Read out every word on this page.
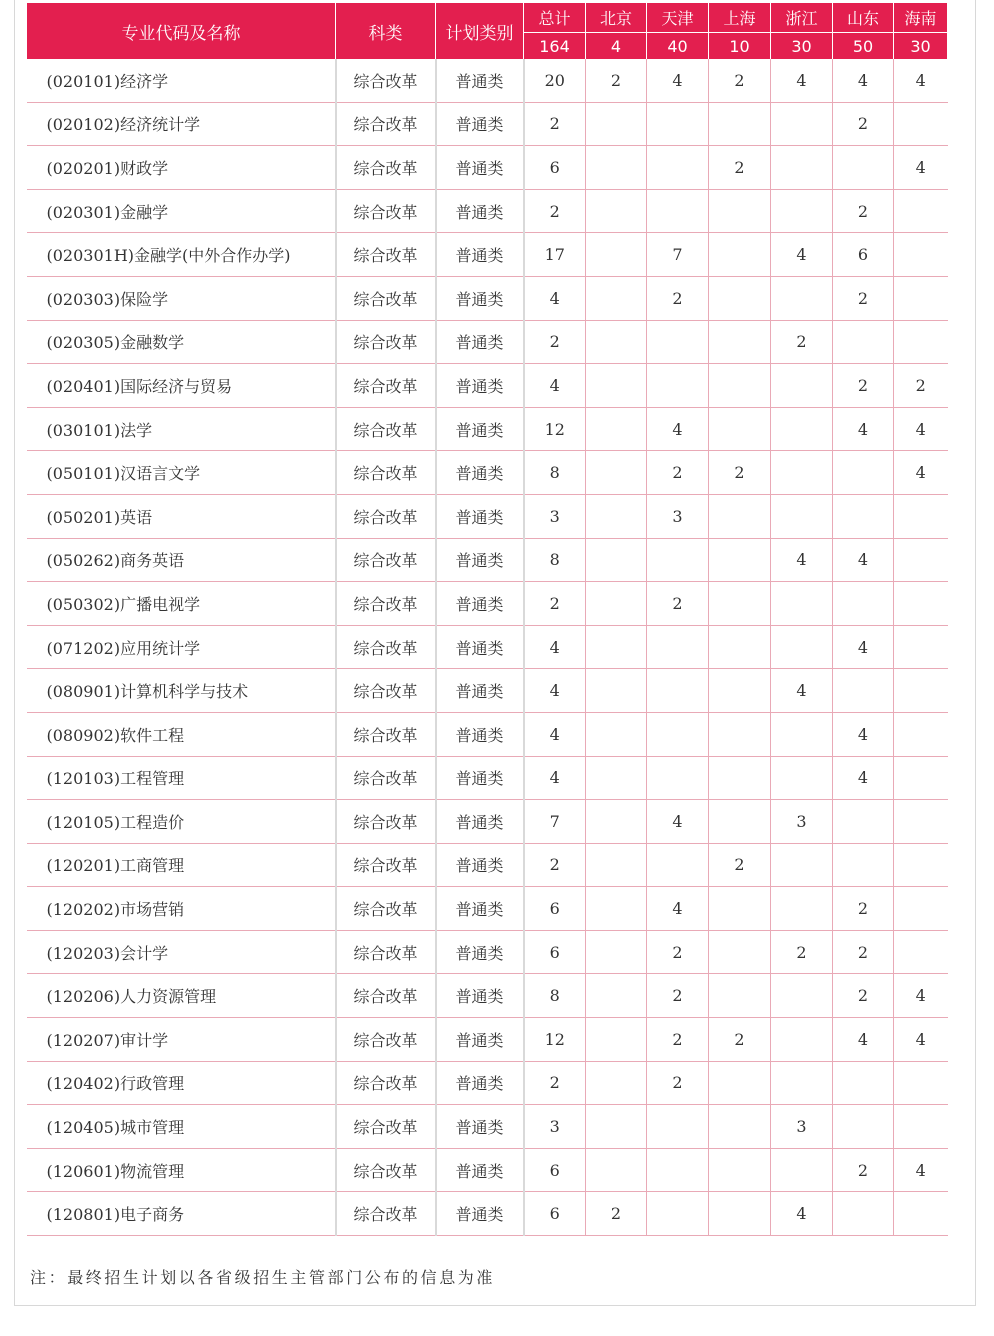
专业代码及名称	科类	计划类别	总计	北京	天津	上海	浙江	山东	海南
			164	4	40	10	30	50	30
(020101)经济学	综合改革	普通类	20	2	4	2	4	4	4
(020102)经济统计学	综合改革	普通类	2					2	
(020201)财政学	综合改革	普通类	6			2			4
(020301)金融学	综合改革	普通类	2					2	
(020301H)金融学(中外合作办学)	综合改革	普通类	17		7		4	6	
(020303)保险学	综合改革	普通类	4		2			2	
(020305)金融数学	综合改革	普通类	2				2		
(020401)国际经济与贸易	综合改革	普通类	4					2	2
(030101)法学	综合改革	普通类	12		4			4	4
(050101)汉语言文学	综合改革	普通类	8		2	2			4
(050201)英语	综合改革	普通类	3		3				
(050262)商务英语	综合改革	普通类	8				4	4	
(050302)广播电视学	综合改革	普通类	2		2				
(071202)应用统计学	综合改革	普通类	4					4	
(080901)计算机科学与技术	综合改革	普通类	4				4		
(080902)软件工程	综合改革	普通类	4					4	
(120103)工程管理	综合改革	普通类	4					4	
(120105)工程造价	综合改革	普通类	7		4		3		
(120201)工商管理	综合改革	普通类	2			2			
(120202)市场营销	综合改革	普通类	6		4			2	
(120203)会计学	综合改革	普通类	6		2		2	2	
(120206)人力资源管理	综合改革	普通类	8		2			2	4
(120207)审计学	综合改革	普通类	12		2	2		4	4
(120402)行政管理	综合改革	普通类	2		2				
(120405)城市管理	综合改革	普通类	3				3		
(120601)物流管理	综合改革	普通类	6					2	4
(120801)电子商务	综合改革	普通类	6	2			4		
注：最终招生计划以各省级招生主管部门公布的信息为准
